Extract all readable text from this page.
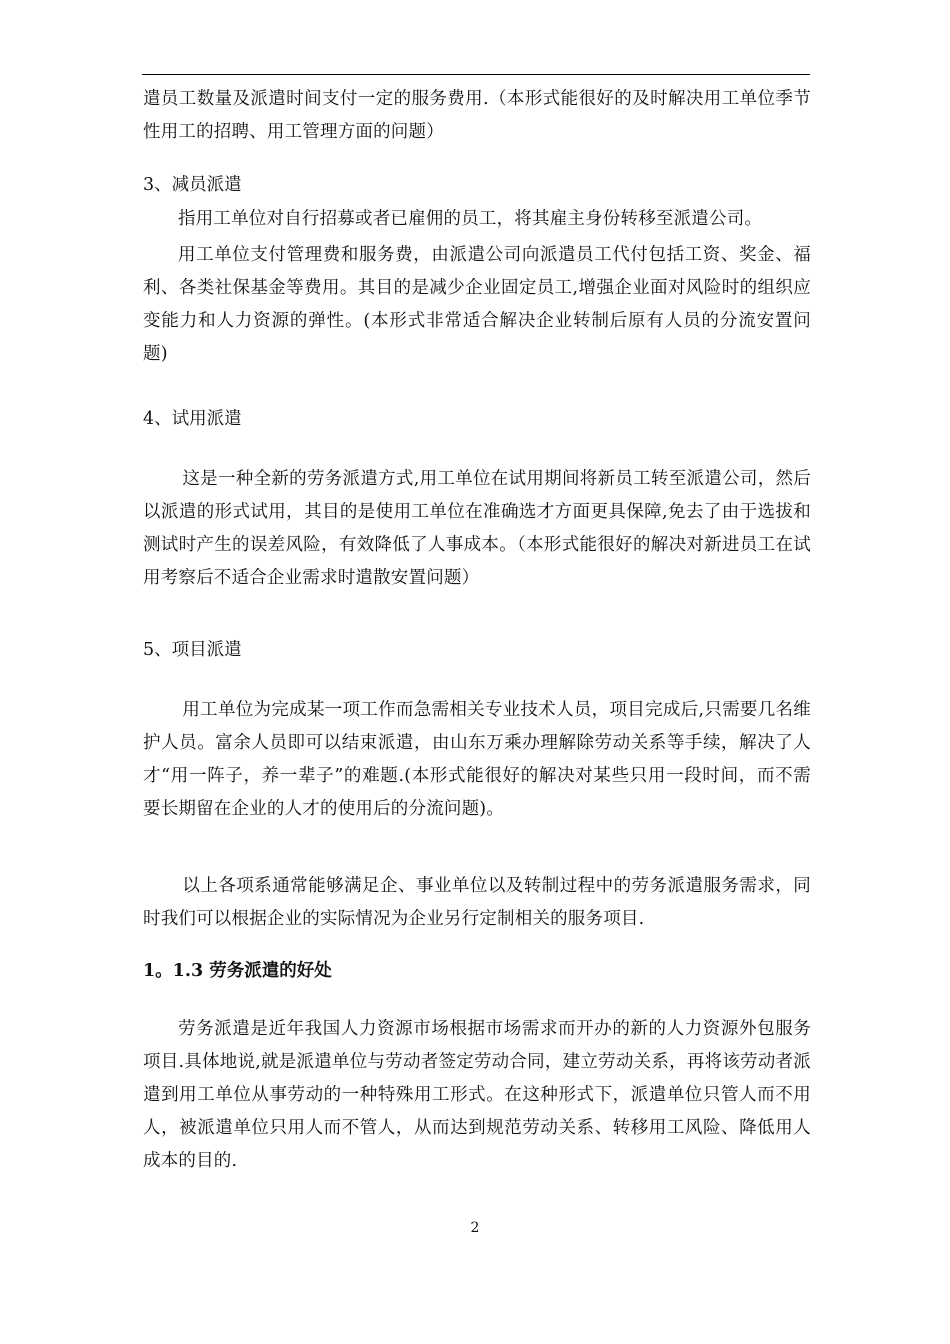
遣员工数量及派遣时间支付一定的服务费用.（本形式能很好的及时解决用工单位季节性用工的招聘、用工管理方面的问题）

3、减员派遣

指用工单位对自行招募或者已雇佣的员工，将其雇主身份转移至派遣公司。

用工单位支付管理费和服务费，由派遣公司向派遣员工代付包括工资、奖金、福利、各类社保基金等费用。其目的是减少企业固定员工,增强企业面对风险时的组织应变能力和人力资源的弹性。(本形式非常适合解决企业转制后原有人员的分流安置问题)

4、试用派遣

这是一种全新的劳务派遣方式,用工单位在试用期间将新员工转至派遣公司，然后以派遣的形式试用，其目的是使用工单位在准确选才方面更具保障,免去了由于选拔和测试时产生的误差风险，有效降低了人事成本。（本形式能很好的解决对新进员工在试用考察后不适合企业需求时遣散安置问题）

5、项目派遣

用工单位为完成某一项工作而急需相关专业技术人员，项目完成后,只需要几名维护人员。富余人员即可以结束派遣，由山东万乘办理解除劳动关系等手续，解决了人才“用一阵子，养一辈子”的难题.(本形式能很好的解决对某些只用一段时间，而不需要长期留在企业的人才的使用后的分流问题)。

以上各项系通常能够满足企、事业单位以及转制过程中的劳务派遣服务需求，同时我们可以根据企业的实际情况为企业另行定制相关的服务项目.

1。1.3 劳务派遣的好处

劳务派遣是近年我国人力资源市场根据市场需求而开办的新的人力资源外包服务项目.具体地说,就是派遣单位与劳动者签定劳动合同，建立劳动关系，再将该劳动者派遣到用工单位从事劳动的一种特殊用工形式。在这种形式下，派遣单位只管人而不用人，被派遣单位只用人而不管人，从而达到规范劳动关系、转移用工风险、降低用人成本的目的.

2
